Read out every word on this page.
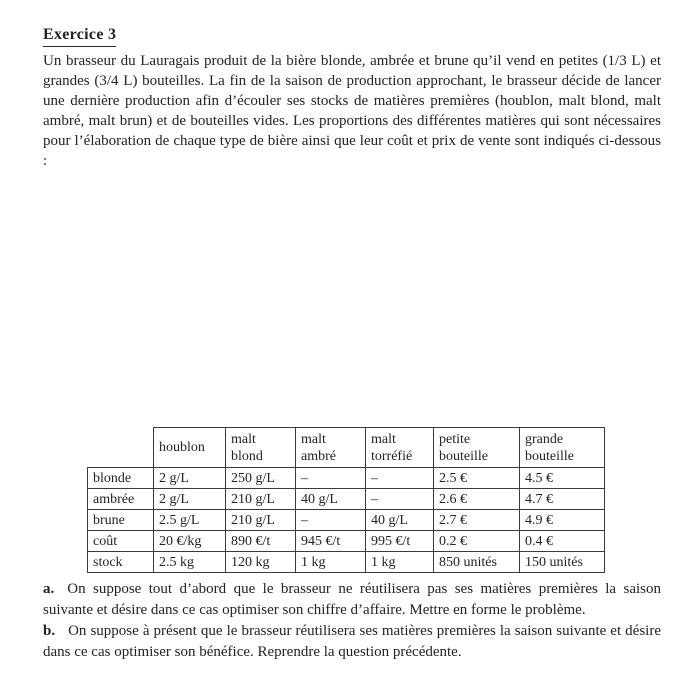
Exercice 3

Un brasseur du Lauragais produit de la bière blonde, ambrée et brune qu’il vend en petites (1/3 L) et grandes (3/4 L) bouteilles. La fin de la saison de production approchant, le brasseur décide de lancer une dernière production afin d’écouler ses stocks de matières premières (houblon, malt blond, malt ambré, malt brun) et de bouteilles vides. Les proportions des différentes matières qui sont nécessaires pour l’élaboration de chaque type de bière ainsi que leur coût et prix de vente sont indiqués ci-dessous :

	houblon	malt blond	malt ambré	malt torréfié	petite bouteille	grande bouteille
blonde	2 g/L	250 g/L	–	–	2.5 €	4.5 €
ambrée	2 g/L	210 g/L	40 g/L	–	2.6 €	4.7 €
brune	2.5 g/L	210 g/L	–	40 g/L	2.7 €	4.9 €
coût	20 €/kg	890 €/t	945 €/t	995 €/t	0.2 €	0.4 €
stock	2.5 kg	120 kg	1 kg	1 kg	850 unités	150 unités

a. On suppose tout d’abord que le brasseur ne réutilisera pas ses matières premières la saison suivante et désire dans ce cas optimiser son chiffre d’affaire. Mettre en forme le problème.

b. On suppose à présent que le brasseur réutilisera ses matières premières la saison suivante et désire dans ce cas optimiser son bénéfice. Reprendre la question précédente.
